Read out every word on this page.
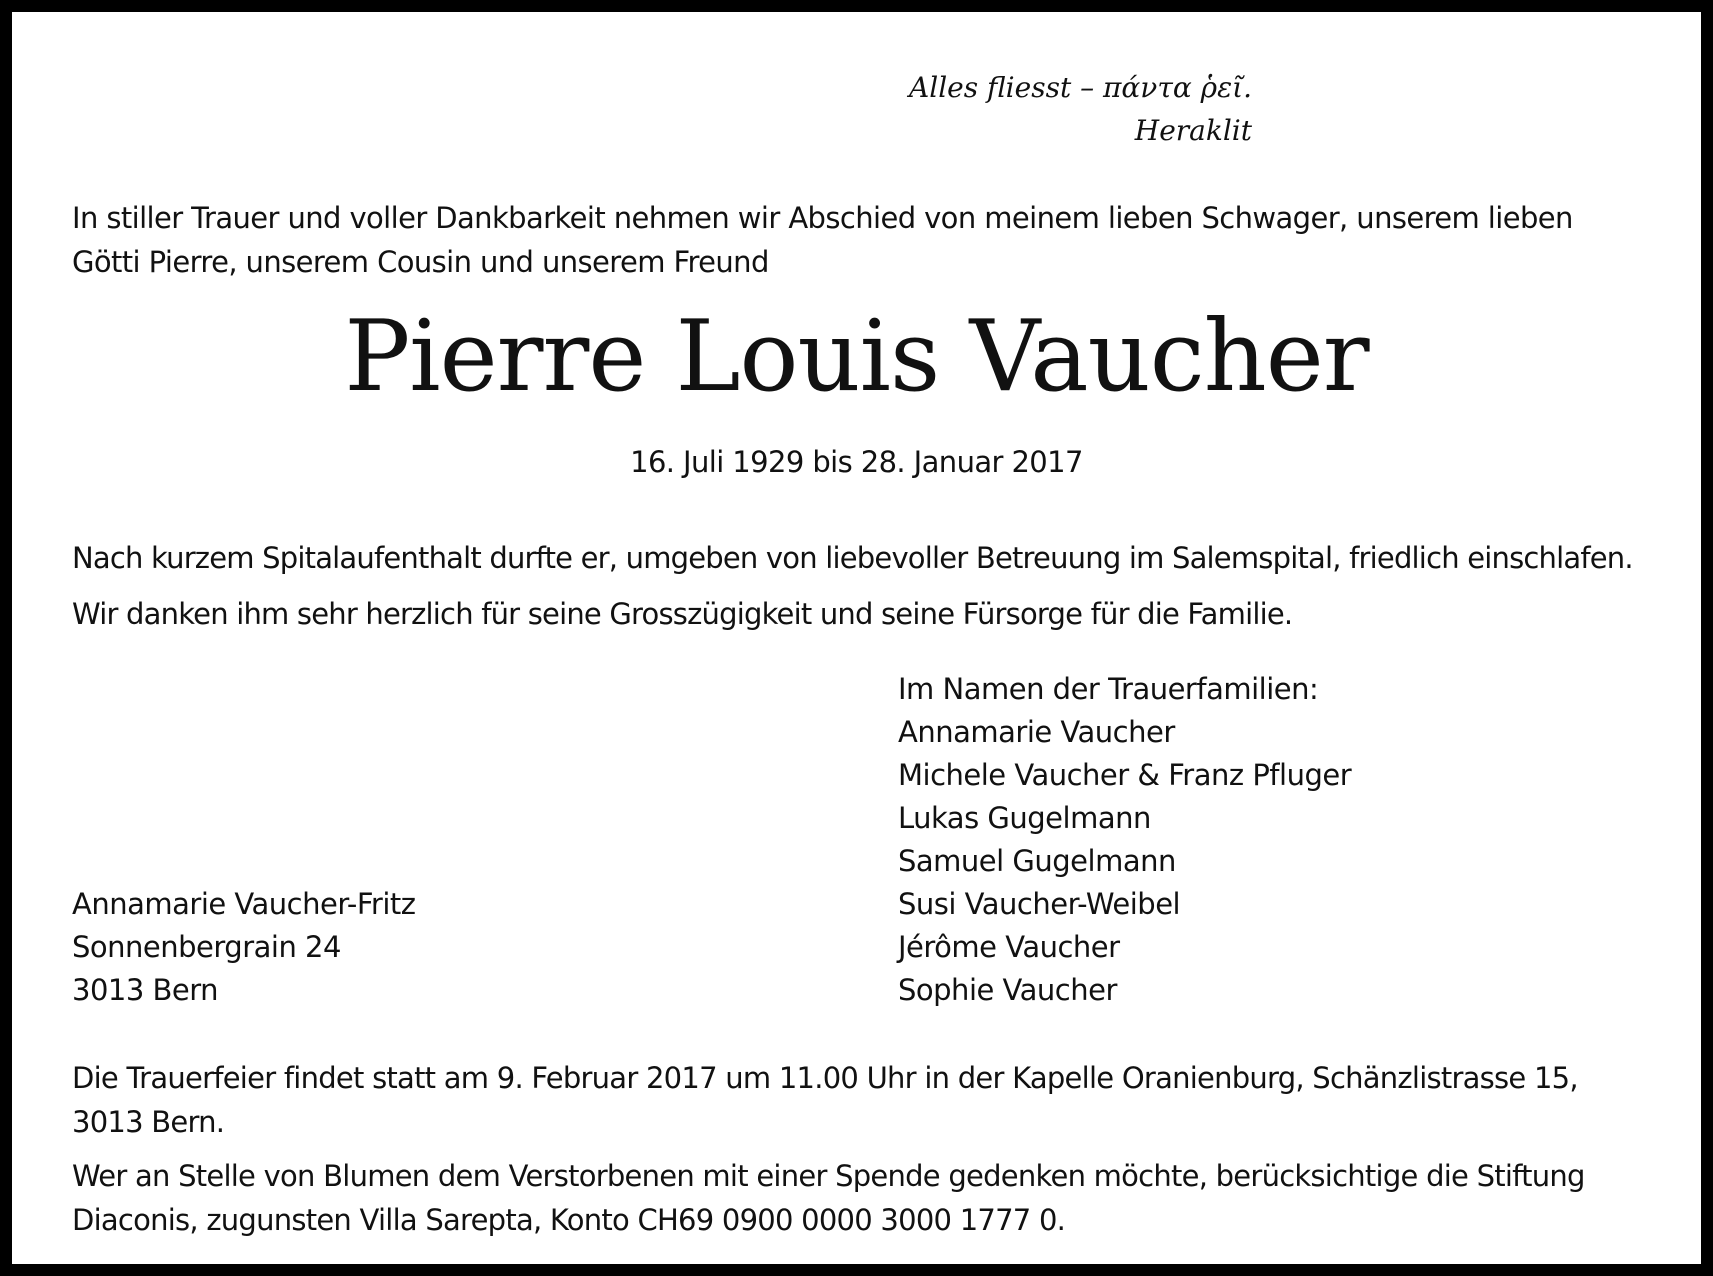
Alles fliesst – πάντα ῥεῖ.
Heraklit
In stiller Trauer und voller Dankbarkeit nehmen wir Abschied von meinem lieben Schwager, unserem lieben
Götti Pierre, unserem Cousin und unserem Freund
Pierre Louis Vaucher
16. Juli 1929 bis 28. Januar 2017

Nach kurzem Spitalaufenthalt durfte er, umgeben von liebevoller Betreuung im Salemspital, friedlich einschlafen.

Wir danken ihm sehr herzlich für seine Grosszügigkeit und seine Fürsorge für die Familie.

Im Namen der Trauerfamilien:
Annamarie Vaucher
Michele Vaucher & Franz Pfluger
Lukas Gugelmann
Samuel Gugelmann
Susi Vaucher-Weibel
Jérôme Vaucher
Sophie Vaucher
Annamarie Vaucher-Fritz
Sonnenbergrain 24
3013 Bern

Die Trauerfeier findet statt am 9. Februar 2017 um 11.00 Uhr in der Kapelle Oranienburg, Schänzlistrasse 15,
3013 Bern.

Wer an Stelle von Blumen dem Verstorbenen mit einer Spende gedenken möchte, berücksichtige die Stiftung
Diaconis, zugunsten Villa Sarepta, Konto CH69 0900 0000 3000 1777 0.
